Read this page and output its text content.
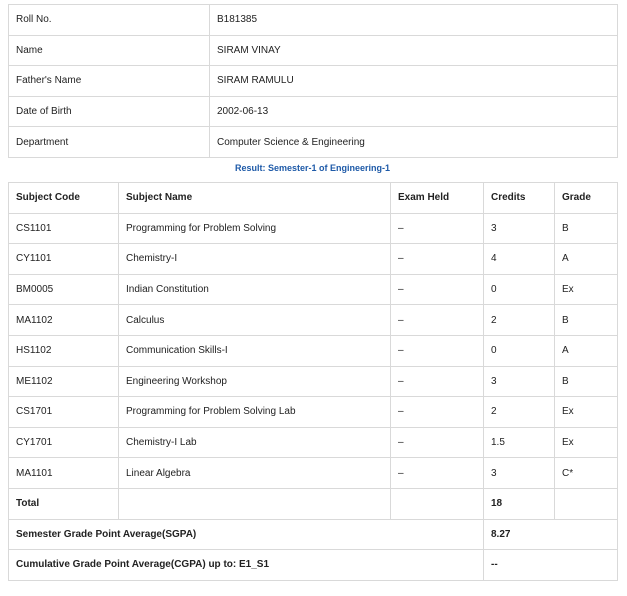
Roll No.	B181385
Name	SIRAM VINAY
Father's Name	SIRAM RAMULU
Date of Birth	2002-06-13
Department	Computer Science & Engineering
Result: Semester-1 of Engineering-1
Subject Code	Subject Name	Exam Held	Credits	Grade
CS1101	Programming for Problem Solving	–	3	B
CY1101	Chemistry-I	–	4	A
BM0005	Indian Constitution	–	0	Ex
MA1102	Calculus	–	2	B
HS1102	Communication Skills-I	–	0	A
ME1102	Engineering Workshop	–	3	B
CS1701	Programming for Problem Solving Lab	–	2	Ex
CY1701	Chemistry-I Lab	–	1.5	Ex
MA1101	Linear Algebra	–	3	C*
Total			18	
Semester Grade Point Average(SGPA)			8.27	
Cumulative Grade Point Average(CGPA) up to: E1_S1			--	
